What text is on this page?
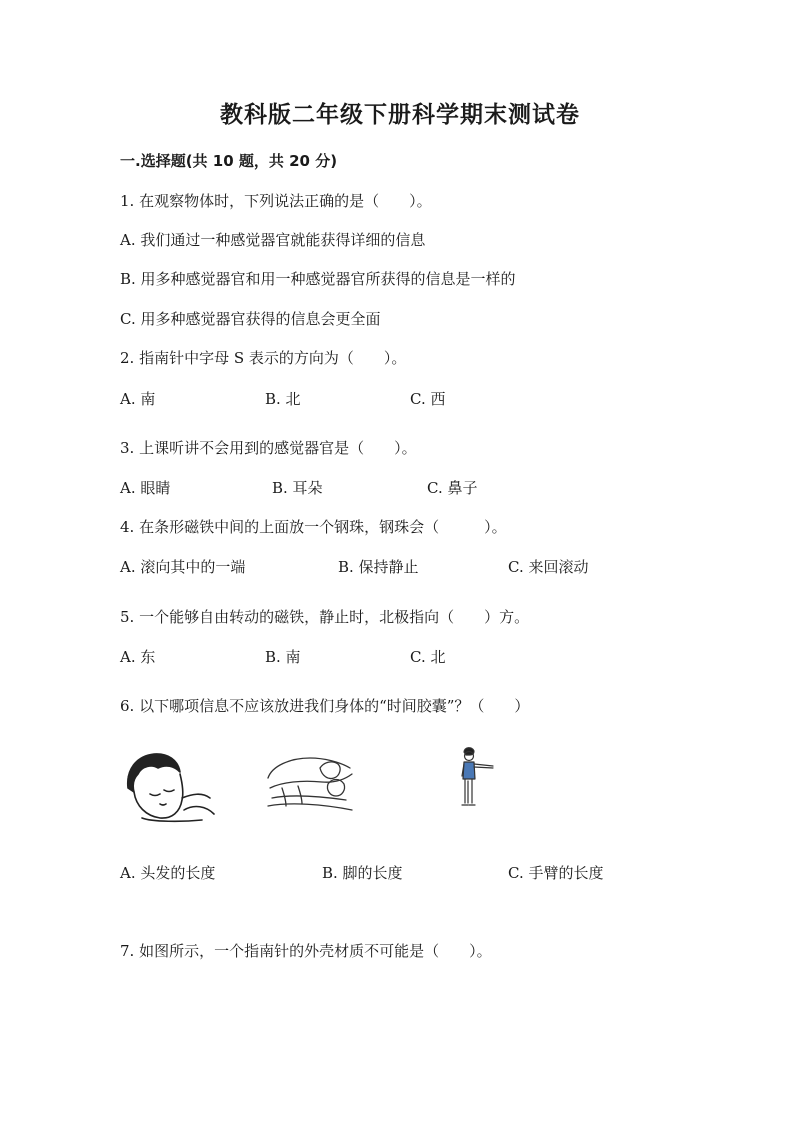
教科版二年级下册科学期末测试卷
一.选择题(共 10 题，共 20 分)
1. 在观察物体时，下列说法正确的是（　　）。
A. 我们通过一种感觉器官就能获得详细的信息
B. 用多种感觉器官和用一种感觉器官所获得的信息是一样的
C. 用多种感觉器官获得的信息会更全面
2. 指南针中字母 S 表示的方向为（　　）。
A. 南	B. 北	C. 西
3. 上课听讲不会用到的感觉器官是（　　）。
A. 眼睛	B. 耳朵	C. 鼻子
4. 在条形磁铁中间的上面放一个钢珠，钢珠会（　　　）。
A. 滚向其中的一端	B. 保持静止	C. 来回滚动
5. 一个能够自由转动的磁铁，静止时，北极指向（　　）方。
A. 东	B. 南	C. 北
6. 以下哪项信息不应该放进我们身体的“时间胶囊”？（　　）
A. 头发的长度	B. 脚的长度	C. 手臂的长度
7. 如图所示，一个指南针的外壳材质不可能是（　　）。
